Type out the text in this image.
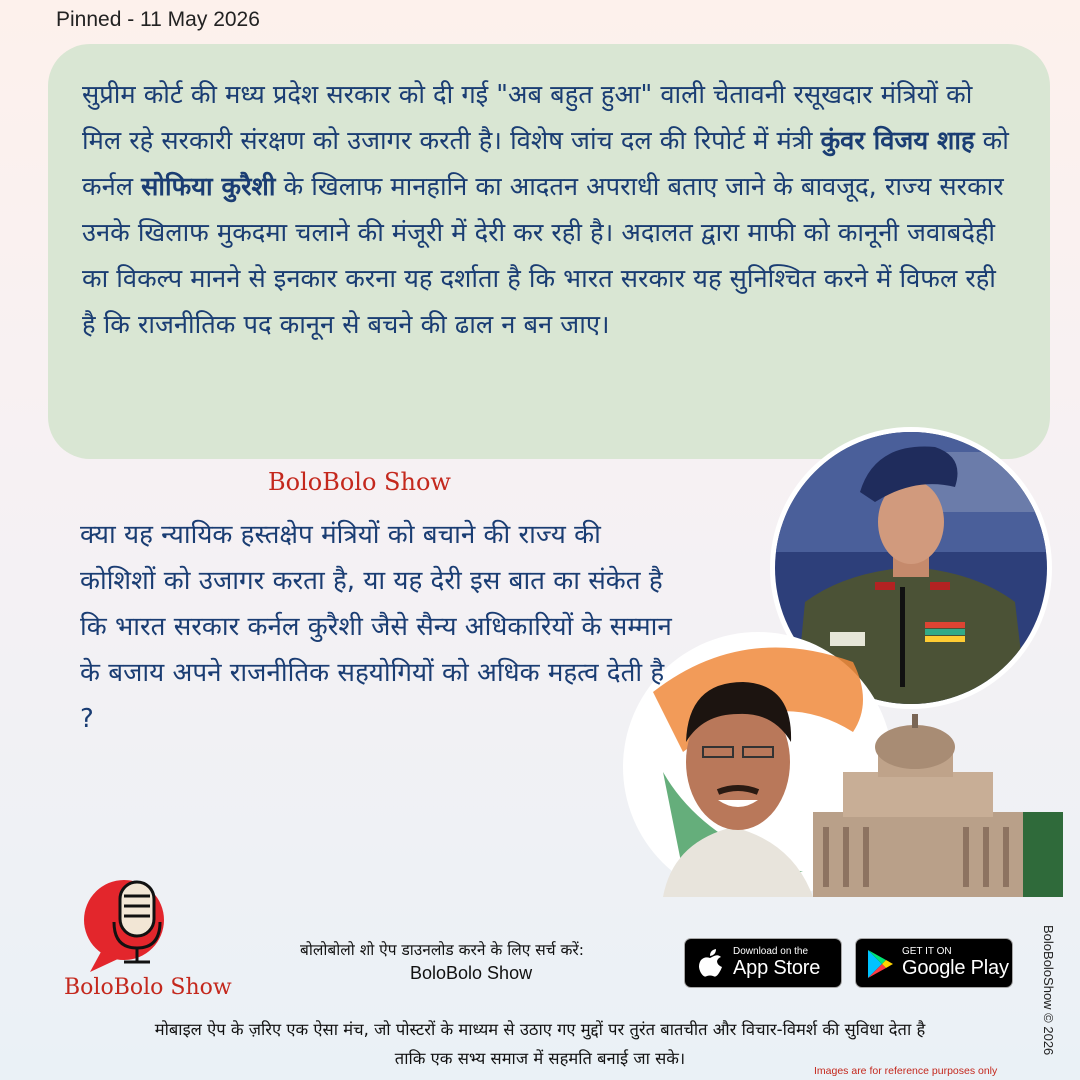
Pinned - 11 May 2026
सुप्रीम कोर्ट की मध्य प्रदेश सरकार को दी गई "अब बहुत हुआ" वाली चेतावनी रसूखदार मंत्रियों को मिल रहे सरकारी संरक्षण को उजागर करती है। विशेष जांच दल की रिपोर्ट में मंत्री कुंवर विजय शाह को कर्नल सोफिया कुरैशी के खिलाफ मानहानि का आदतन अपराधी बताए जाने के बावजूद, राज्य सरकार उनके खिलाफ मुकदमा चलाने की मंजूरी में देरी कर रही है। अदालत द्वारा माफी को कानूनी जवाबदेही का विकल्प मानने से इनकार करना यह दर्शाता है कि भारत सरकार यह सुनिश्चित करने में विफल रही है कि राजनीतिक पद कानून से बचने की ढाल न बन जाए।
BoloBolo Show
क्या यह न्यायिक हस्तक्षेप मंत्रियों को बचाने की राज्य की कोशिशों को उजागर करता है, या यह देरी इस बात का संकेत है कि भारत सरकार कर्नल कुरैशी जैसे सैन्य अधिकारियों के सम्मान के बजाय अपने राजनीतिक सहयोगियों को अधिक महत्व देती है ?
BoloBolo Show
बोलोबोलो शो ऐप डाउनलोड करने के लिए सर्च करें:
BoloBolo Show
Download on the
App Store
GET IT ON
Google Play
मोबाइल ऐप के ज़रिए एक ऐसा मंच, जो पोस्टरों के माध्यम से उठाए गए मुद्दों पर तुरंत बातचीत और विचार-विमर्श की सुविधा देता है
ताकि एक सभ्य समाज में सहमति बनाई जा सके।
BoloBoloShow © 2026
Images are for reference purposes only
